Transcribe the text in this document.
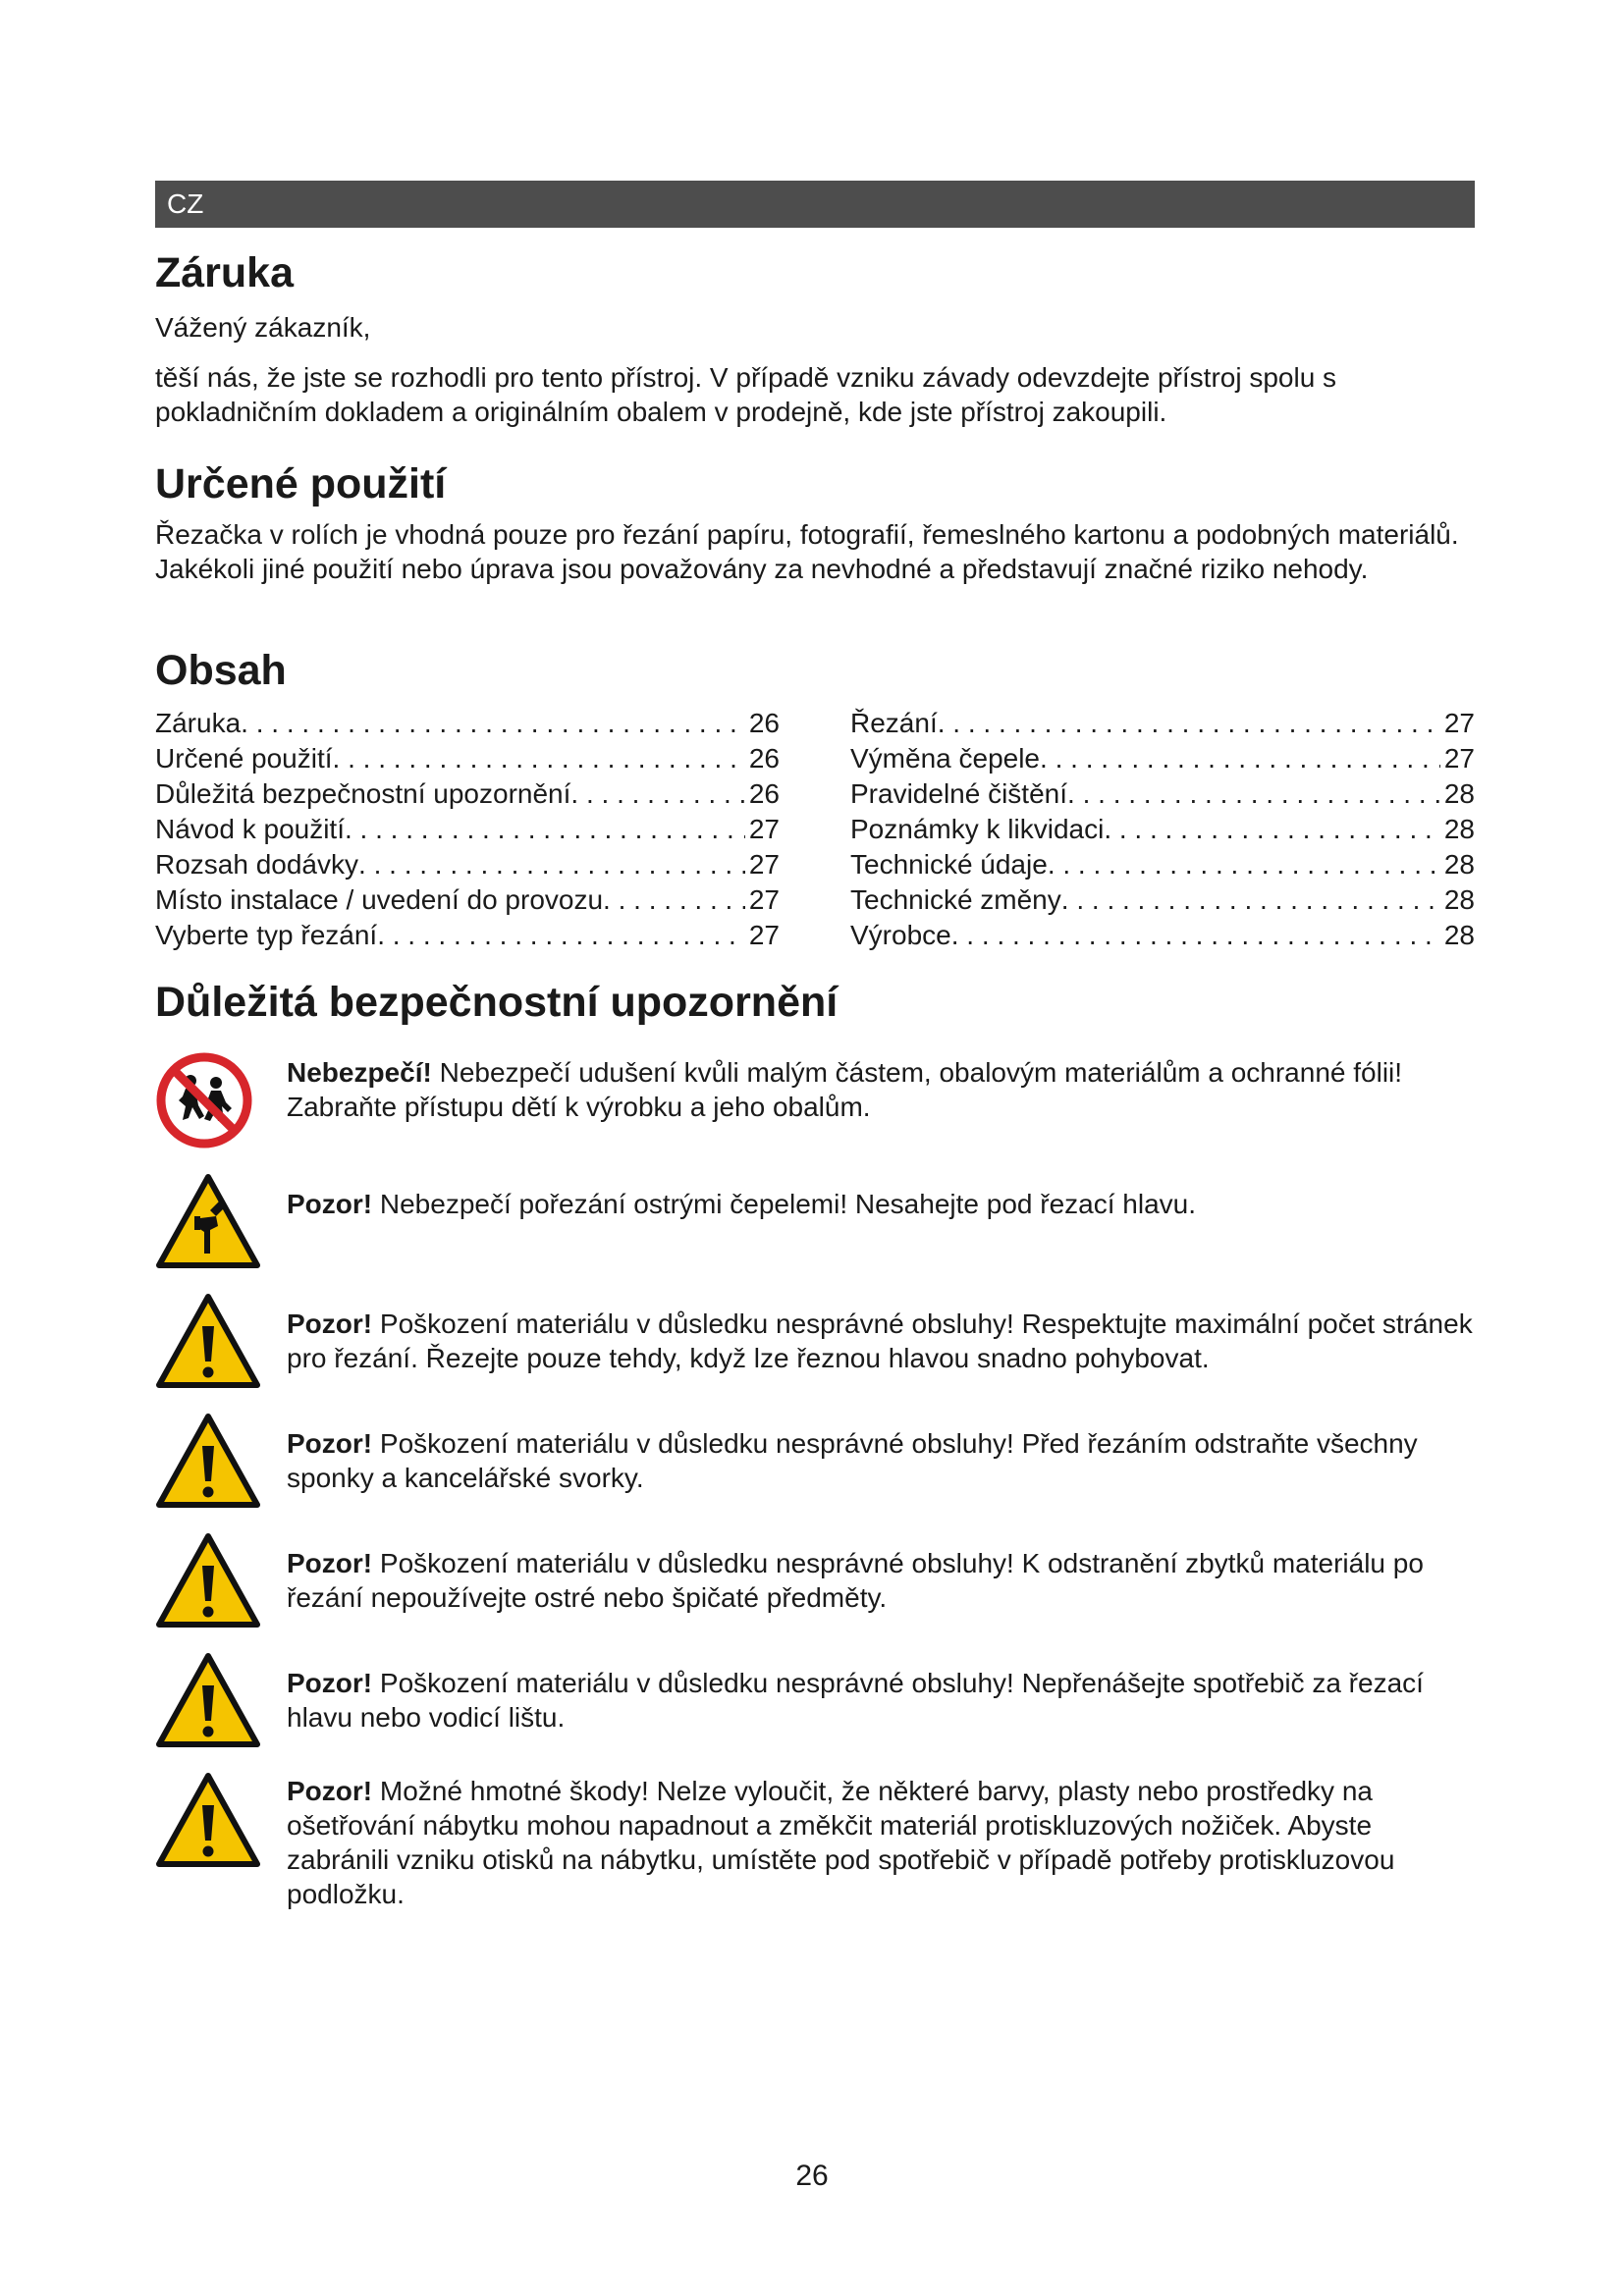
CZ
Záruka

Vážený zákazník,

těší nás, že jste se rozhodli pro tento přístroj. V případě vzniku závady odevzdejte přístroj spolu s pokladničním dokladem a originálním obalem v prodejně, kde jste přístroj zakoupili.

Určené použití

Řezačka v rolích je vhodná pouze pro řezání papíru, fotografií, řemeslného kartonu a podobných materiálů. Jakékoli jiné použití nebo úprava jsou považovány za nevhodné a představují značné riziko nehody.

Obsah
Záruka . . .	26
Určené použití . . .	26
Důležitá bezpečnostní upozornění . . .	26
Návod k použití . . .	27
Rozsah dodávky . . .	27
Místo instalace / uvedení do provozu . . .	27
Vyberte typ řezání . . .	27
Řezání . . .	27
Výměna čepele . . .	27
Pravidelné čištění . . .	28
Poznámky k likvidaci . . .	28
Technické údaje . . .	28
Technické změny . . .	28
Výrobce . . .	28
Důležitá bezpečnostní upozornění
Nebezpečí! Nebezpečí udušení kvůli malým částem, obalovým materiálům a ochranné fólii! Zabraňte přístupu dětí k výrobku a jeho obalům.
Pozor! Nebezpečí pořezání ostrými čepelemi! Nesahejte pod řezací hlavu.
Pozor! Poškození materiálu v důsledku nesprávné obsluhy! Respektujte maximální počet stránek pro řezání. Řezejte pouze tehdy, když lze řeznou hlavou snadno pohybovat.
Pozor! Poškození materiálu v důsledku nesprávné obsluhy! Před řezáním odstraňte všechny sponky a kancelářské svorky.
Pozor! Poškození materiálu v důsledku nesprávné obsluhy! K odstranění zbytků materiálu po řezání nepoužívejte ostré nebo špičaté předměty.
Pozor! Poškození materiálu v důsledku nesprávné obsluhy! Nepřenášejte spotřebič za řezací hlavu nebo vodicí lištu.
Pozor! Možné hmotné škody! Nelze vyloučit, že některé barvy, plasty nebo prostředky na ošetřování nábytku mohou napadnout a změkčit materiál protiskluzových nožiček. Abyste zabránili vzniku otisků na nábytku, umístěte pod spotřebič v případě potřeby protiskluzovou podložku.
26
